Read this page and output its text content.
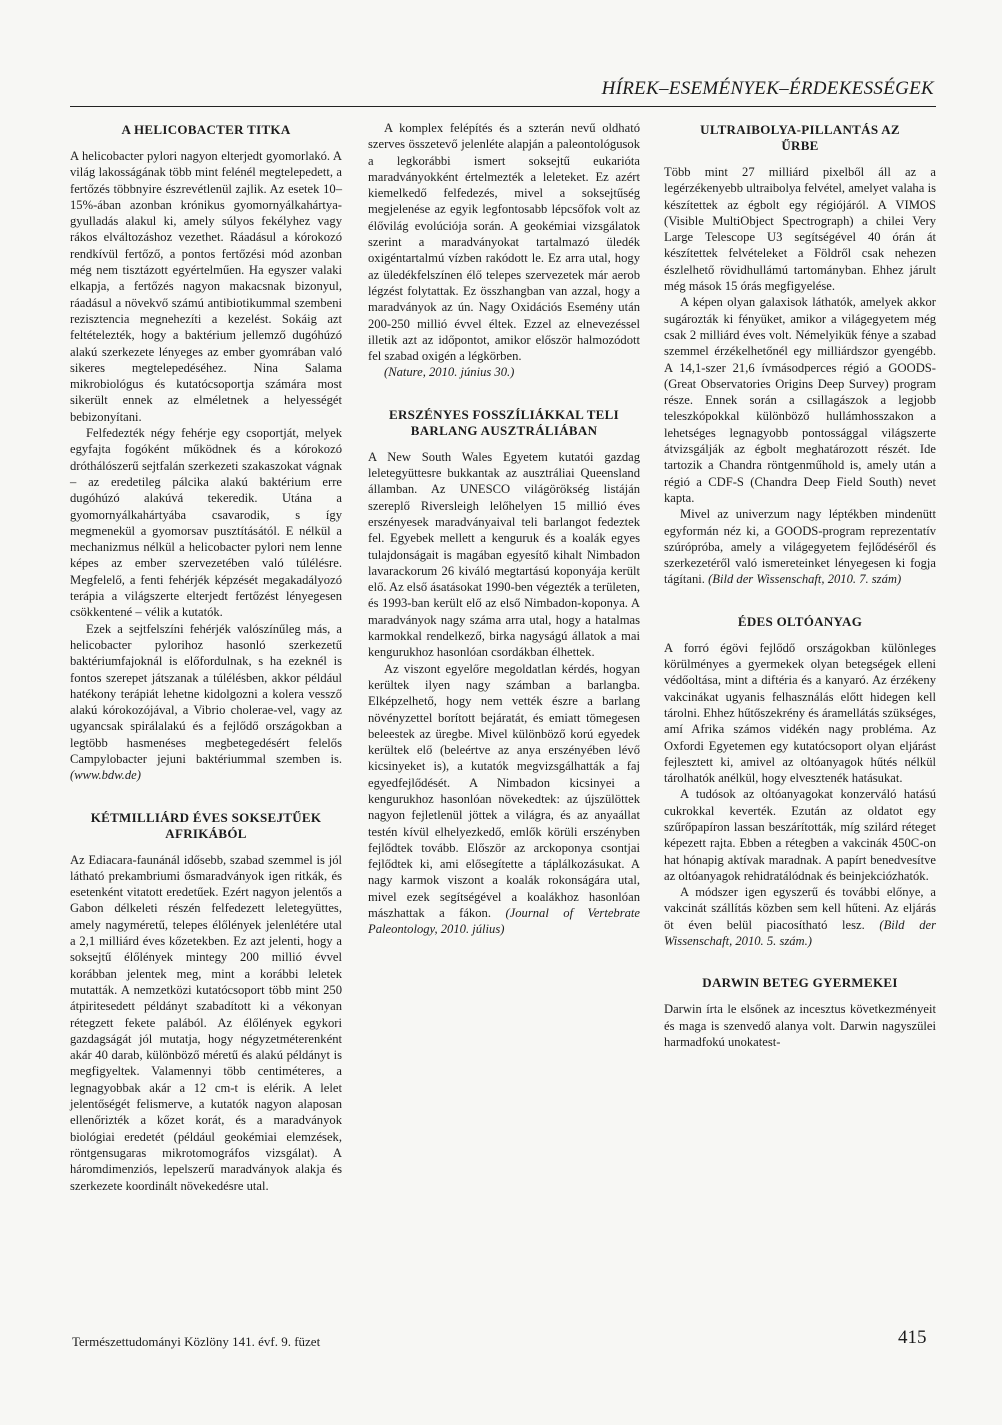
HÍREK–ESEMÉNYEK–ÉRDEKESSÉGEK
A HELICOBACTER TITKA

A helicobacter pylori nagyon elterjedt gyomorlakó. A világ lakosságának több mint felénél megtelepedett, a fertőzés többnyire észrevétlenül zajlik. Az esetek 10–15%-ában azonban krónikus gyomornyálkahártya-gyulladás alakul ki, amely súlyos fekélyhez vagy rákos elváltozáshoz vezethet. Ráadásul a kórokozó rendkívül fertőző, a pontos fertőzési mód azonban még nem tisztázott egyértelműen. Ha egyszer valaki elkapja, a fertőzés nagyon makacsnak bizonyul, ráadásul a növekvő számú antibiotikummal szembeni rezisztencia megnehezíti a kezelést. Sokáig azt feltételezték, hogy a baktérium jellemző dugóhúzó alakú szerkezete lényeges az ember gyomrában való sikeres megtelepedéséhez. Nina Salama mikrobiológus és kutatócsoportja számára most sikerült ennek az elméletnek a helyességét bebizonyítani.

Felfedezték négy fehérje egy csoportját, melyek egyfajta fogóként működnek és a kórokozó dróthálószerű sejtfalán szerkezeti szakaszokat vágnak – az eredetileg pálcika alakú baktérium erre dugóhúzó alakúvá tekeredik. Utána a gyomornyálkahártyába csavarodik, s így megmenekül a gyomorsav pusztításától. E nélkül a mechanizmus nélkül a helicobacter pylori nem lenne képes az ember szervezetében való túlélésre. Megfelelő, a fenti fehérjék képzését megakadályozó terápia a világszerte elterjedt fertőzést lényegesen csökkentené – vélik a kutatók.

Ezek a sejtfelszíni fehérjék valószínűleg más, a helicobacter pylorihoz hasonló szerkezetű baktériumfajoknál is előfordulnak, s ha ezeknél is fontos szerepet játszanak a túlélésben, akkor például hatékony terápiát lehetne kidolgozni a kolera vessző alakú kórokozójával, a Vibrio cholerae-vel, vagy az ugyancsak spirálalakú és a fejlődő országokban a legtöbb hasmenéses megbetegedésért felelős Campylobacter jejuni baktériummal szemben is. (www.bdw.de)

KÉTMILLIÁRD ÉVES SOKSEJTŰEK AFRIKÁBÓL

Az Ediacara-faunánál idősebb, szabad szemmel is jól látható prekambriumi ősmaradványok igen ritkák, és esetenként vitatott eredetűek. Ezért nagyon jelentős a Gabon délkeleti részén felfedezett leletegyüttes, amely nagyméretű, telepes élőlények jelenlétére utal a 2,1 milliárd éves kőzetekben. Ez azt jelenti, hogy a soksejtű élőlények mintegy 200 millió évvel korábban jelentek meg, mint a korábbi leletek mutatták. A nemzetközi kutatócsoport több mint 250 átpiritesedett példányt szabadított ki a vékonyan rétegzett fekete palából. Az élőlények egykori gazdagságát jól mutatja, hogy négyzetméterenként akár 40 darab, különböző méretű és alakú példányt is megfigyeltek. Valamennyi több centiméteres, a legnagyobbak akár a 12 cm-t is elérik. A lelet jelentőségét felismerve, a kutatók nagyon alaposan ellenőrizték a kőzet korát, és a maradványok biológiai eredetét (például geokémiai elemzések, röntgensugaras mikrotomográfos vizsgálat). A háromdimenziós, lepelszerű maradványok alakja és szerkezete koordinált növekedésre utal.

A komplex felépítés és a szterán nevű oldható szerves összetevő jelenléte alapján a paleontológusok a legkorábbi ismert soksejtű eukarióta maradványokként értelmezték a leleteket. Ez azért kiemelkedő felfedezés, mivel a soksejtűség megjelenése az egyik legfontosabb lépcsőfok volt az élővilág evolúciója során. A geokémiai vizsgálatok szerint a maradványokat tartalmazó üledék oxigéntartalmú vízben rakódott le. Ez arra utal, hogy az üledékfelszínen élő telepes szervezetek már aerob légzést folytattak. Ez összhangban van azzal, hogy a maradványok az ún. Nagy Oxidációs Esemény után 200-250 millió évvel éltek. Ezzel az elnevezéssel illetik azt az időpontot, amikor először halmozódott fel szabad oxigén a légkörben.

(Nature, 2010. június 30.)

ERSZÉNYES FOSSZÍLIÁKKAL TELI BARLANG AUSZTRÁLIÁBAN

A New South Wales Egyetem kutatói gazdag leletegyüttesre bukkantak az ausztráliai Queensland államban. Az UNESCO világörökség listáján szereplő Riversleigh lelőhelyen 15 millió éves erszényesek maradványaival teli barlangot fedeztek fel. Egyebek mellett a kenguruk és a koalák egyes tulajdonságait is magában egyesítő kihalt Nimbadon lavarackorum 26 kiváló megtartású koponyája került elő. Az első ásatásokat 1990-ben végezték a területen, és 1993-ban került elő az első Nimbadon-koponya. A maradványok nagy száma arra utal, hogy a hatalmas karmokkal rendelkező, birka nagyságú állatok a mai kengurukhoz hasonlóan csordákban élhettek.

Az viszont egyelőre megoldatlan kérdés, hogyan kerültek ilyen nagy számban a barlangba. Elképzelhető, hogy nem vették észre a barlang növényzettel borított bejáratát, és emiatt tömegesen beleestek az üregbe. Mivel különböző korú egyedek kerültek elő (beleértve az anya erszényében lévő kicsinyeket is), a kutatók megvizsgálhatták a faj egyedfejlődését. A Nimbadon kicsinyei a kengurukhoz hasonlóan növekedtek: az újszülöttek nagyon fejletlenül jöttek a világra, és az anyaállat testén kívül elhelyezkedő, emlők körüli erszényben fejlődtek tovább. Először az arckoponya csontjai fejlődtek ki, ami elősegítette a táplálkozásukat. A nagy karmok viszont a koalák rokonságára utal, mivel ezek segítségével a koalákhoz hasonlóan mászhattak a fákon. (Journal of Vertebrate Paleontology, 2010. július)

ULTRAIBOLYA-PILLANTÁS AZ ŰRBE

Több mint 27 milliárd pixelből áll az a legérzékenyebb ultraibolya felvétel, amelyet valaha is készítettek az égbolt egy régiójáról. A VIMOS (Visible MultiObject Spectrograph) a chilei Very Large Telescope U3 segítségével 40 órán át készítettek felvételeket a Földről csak nehezen észlelhető rövidhullámú tartományban. Ehhez járult még mások 15 órás megfigyelése.

A képen olyan galaxisok láthatók, amelyek akkor sugározták ki fényüket, amikor a világegyetem még csak 2 milliárd éves volt. Némelyikük fénye a szabad szemmel érzékelhetőnél egy milliárdszor gyengébb. A 14,1-szer 21,6 ívmásodperces régió a GOODS- (Great Observatories Origins Deep Survey) program része. Ennek során a csillagászok a legjobb teleszkópokkal különböző hullámhosszakon a lehetséges legnagyobb pontossággal világszerte átvizsgálják az égbolt meghatározott részét. Ide tartozik a Chandra röntgenműhold is, amely után a régió a CDF-S (Chandra Deep Field South) nevet kapta.

Mivel az univerzum nagy léptékben mindenütt egyformán néz ki, a GOODS-program reprezentatív szúrópróba, amely a világegyetem fejlődéséről és szerkezetéről való ismereteinket lényegesen ki fogja tágítani. (Bild der Wissenschaft, 2010. 7. szám)

ÉDES OLTÓANYAG

A forró égövi fejlődő országokban különleges körülményes a gyermekek olyan betegségek elleni védőoltása, mint a diftéria és a kanyaró. Az érzékeny vakcinákat ugyanis felhasználás előtt hidegen kell tárolni. Ehhez hűtőszekrény és áramellátás szükséges, amí Afrika számos vidékén nagy probléma. Az Oxfordi Egyetemen egy kutatócsoport olyan eljárást fejlesztett ki, amivel az oltóanyagok hűtés nélkül tárolhatók anélkül, hogy elvesztenék hatásukat.

A tudósok az oltóanyagokat konzerváló hatású cukrokkal keverték. Ezután az oldatot egy szűrőpapíron lassan beszárították, míg szilárd réteget képezett rajta. Ebben a rétegben a vakcinák 450C-on hat hónapig aktívak maradnak. A papírt benedvesítve az oltóanyagok rehidratálódnak és beinjekciózhatók.

A módszer igen egyszerű és további előnye, a vakcinát szállítás közben sem kell hűteni. Az eljárás öt éven belül piacosítható lesz. (Bild der Wissenschaft, 2010. 5. szám.)

DARWIN BETEG GYERMEKEI

Darwin írta le elsőnek az incesztus következményeit és maga is szenvedő alanya volt. Darwin nagyszülei harmadfokú unokatest-

Természettudományi Közlöny 141. évf. 9. füzet	415
